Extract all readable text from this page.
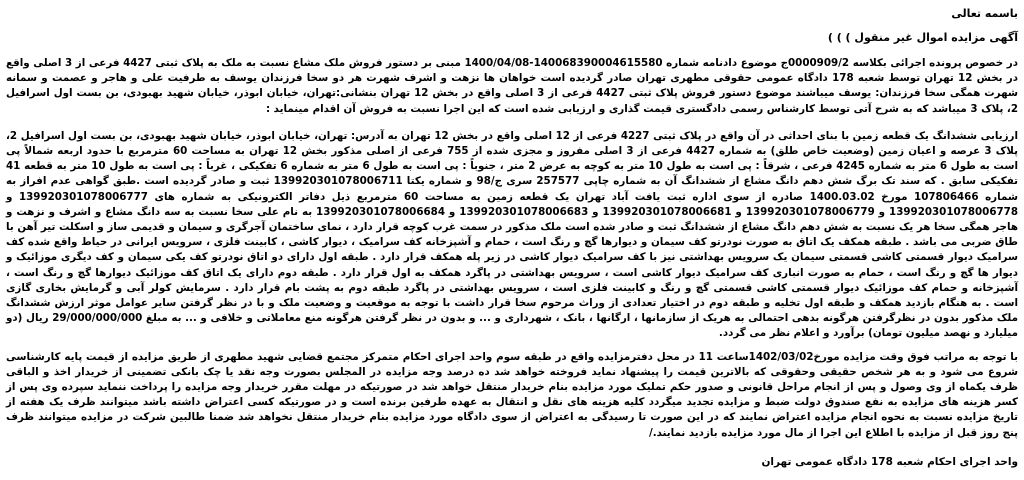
باسمه تعالی

آگهی مزایده اموال غیر منقول ) ) )

در خصوص پرونده اجرائی بکلاسه 0000909/2ج موضوع دادنامه شماره 140068390004615580-1400/04/08 مبنی بر دستور فروش ملک مشاع نسبت به ملک به پلاک ثبتی 4427 فرعی از 3 اصلی واقع در بخش 12 تهران توسط شعبه 178 دادگاه عمومی حقوقی مطهری تهران صادر گردیده است خواهان ها نزهت و اشرف شهرت هر دو سخا فرزندان یوسف به طرفیت علی و هاجر و عصمت و سمانه شهرت همگی سخا فرزندان: یوسف میباشند موضوع دستور فروش پلاک ثبتی 4427 فرعی از 3 اصلی واقع در بخش 12 تهران بنشانی:تهران، خیابان ابوذر، خیابان شهید بهبودی، بن بست اول اسرافیل 2، پلاک 3 میباشد که به شرح آتی توسط کارشناس رسمی دادگستری قیمت گذاری و ارزیابی شده است که این اجرا نسبت به فروش آن اقدام مینماید :

ارزیابی ششدانگ یک قطعه زمین با بنای احداثی در آن واقع در پلاک ثبتی 4227 فرعی از 12 اصلی واقع در بخش 12 تهران به آدرس: تهران، خیابان ابوذر، خیابان شهید بهبودی، بن بست اول اسرافیل 2، پلاک 3 عرصه و اعیان زمین (وضعیت خاص طلق) به شماره 4427 فرعی از 3 اصلی مفروز و مجزی شده از 755 فرعی از اصلی مذکور بخش 12 تهران به مساحت 60 مترمربع با حدود اربعه شمالاً پی است به طول 6 متر به شماره 4245 فرعی ، شرقاً : پی است به طول 10 متر به کوچه به عرض 2 متر ، جنوباً : پی است به طول 6 متر به شماره 6 تفکیکی ، غرباً : پی است به طول 10 متر به قطعه 41 تفکیکی سابق . که سند تک برگ شش دهم دانگ مشاع از ششدانگ آن به شماره چاپی 257577 سری ج/98 و شماره یکتا 139920301078006711 ثبت و صادر گردیده است .طبق گواهی عدم افراز به شماره 107806466 مورخ 1400.03.02 صادره از سوی اداره ثبت یافت آباد تهران یک قطعه زمین به مساحت 60 مترمربع ذیل دفاتر الکترونیکی به شماره های 139920301078006777 و 139920301078006778 و 139920301078006779 و 139920301078006681 و 139920301078006683 و 139920301078006684 به نام علی سخا نسبت به سه دانگ مشاع و اشرف و نزهت و هاجر همگی سخا هر یک نسبت به شش دهم دانگ مشاع از ششدانگ ثبت و صادر شده است ملک مذکور در سمت غرب کوچه قرار دارد ، نمای ساختمان آجرگری و سیمان و قدیمی ساز و اسکلت تیر آهن با طاق ضربی می باشد . طبقه همکف یک اتاق به صورت نودرتو کف سیمان و دیوارها گچ و رنگ است ، حمام و آشپزخانه کف سرامیک ، دیوار کاشی ، کابینت فلزی ، سرویس ایرانی در حیاط واقع شده کف سرامیک دیوار قسمتی کاشی قسمتی سیمان یک سرویس بهداشتی نیز با کف سرامیک دیوار کاشی در زیر پله همکف قرار دارد . طبقه اول دارای دو اتاق نودرتو کف یکی سیمان و کف دیگری موزائیک و دیوار ها گچ و رنگ است ، حمام به صورت انباری کف سرامیک دیوار کاشی است ، سرویس بهداشتی در پاگرد همکف به اول قرار دارد . طبقه دوم دارای یک اتاق کف موزائیک دیوارها گچ و رنگ است ، آشپزخانه و حمام کف موزائیک دیوار قسمتی کاشی قسمتی گچ و رنگ و کابینت فلزی است ، سرویس بهداشتی در پاگرد طبقه دوم به پشت بام قرار دارد . سرمایش کولر آبی و گرمایش بخاری گازی است . به هنگام بازدید همکف و طبقه اول تخلیه و طبقه دوم در اختیار تعدادی از وراث مرحوم سخا قرار داشت با توجه به موقعیت و وضعیت ملک و با در نظر گرفتن سایر عوامل موثر ارزش ششدانگ ملک مذکور بدون در نظرگرفتن هرگونه بدهی احتمالی به هریک از سازمانها ، ارگانها ، بانک ، شهرداری و ... و بدون در نظر گرفتن هرگونه منع معاملاتی و خلافی و ... به مبلغ 29/000/000/000 ریال (دو میلیارد و نهصد میلیون تومان) برآورد و اعلام نظر می گردد.

با توجه به مراتب فوق وقت مزایده مورخ1402/03/02ساعت 11 در محل دفترمزایده واقع در طبقه سوم واحد اجرای احکام متمرکز مجتمع قضایی شهید مطهری از طریق مزایده از قیمت پایه کارشناسی شروع می شود و به هر شخص حقیقی وحقوقی که بالاترین قیمت را پیشنهاد نماید فروخته خواهد شد ده درصد وجه مزایده در المجلس بصورت وجه نقد یا چک بانکی تضمینی از خریدار اخذ و الباقی ظرف یکماه از وی وصول و پس از انجام مراحل قانونی و صدور حکم تملیک مورد مزایده بنام خریدار منتقل خواهد شد در صورتیکه در مهلت مقرر خریدار وجه مزایده را پرداخت ننماید سپرده وی پس از کسر هزینه های مزایده به نفع صندوق دولت ضبط و مزایده تجدید میگردد کلیه هزینه های نقل و انتقال به عهده طرفین برنده است و در صورتیکه کسی اعتراض داشته باشد میتوانند ظرف یک هفته از تاریخ مزایده نسبت به نحوه انجام مزایده اعتراض نمایند که در این صورت تا رسیدگی به اعتراض از سوی دادگاه مورد مزایده بنام خریدار منتقل نخواهد شد ضمنا طالبین شرکت در مزایده میتوانند ظرف پنج روز قبل از مزایده با اطلاع این اجرا از مال مورد مزایده بازدید نمایند./

واحد اجرای احکام شعبه 178 دادگاه عمومی تهران
